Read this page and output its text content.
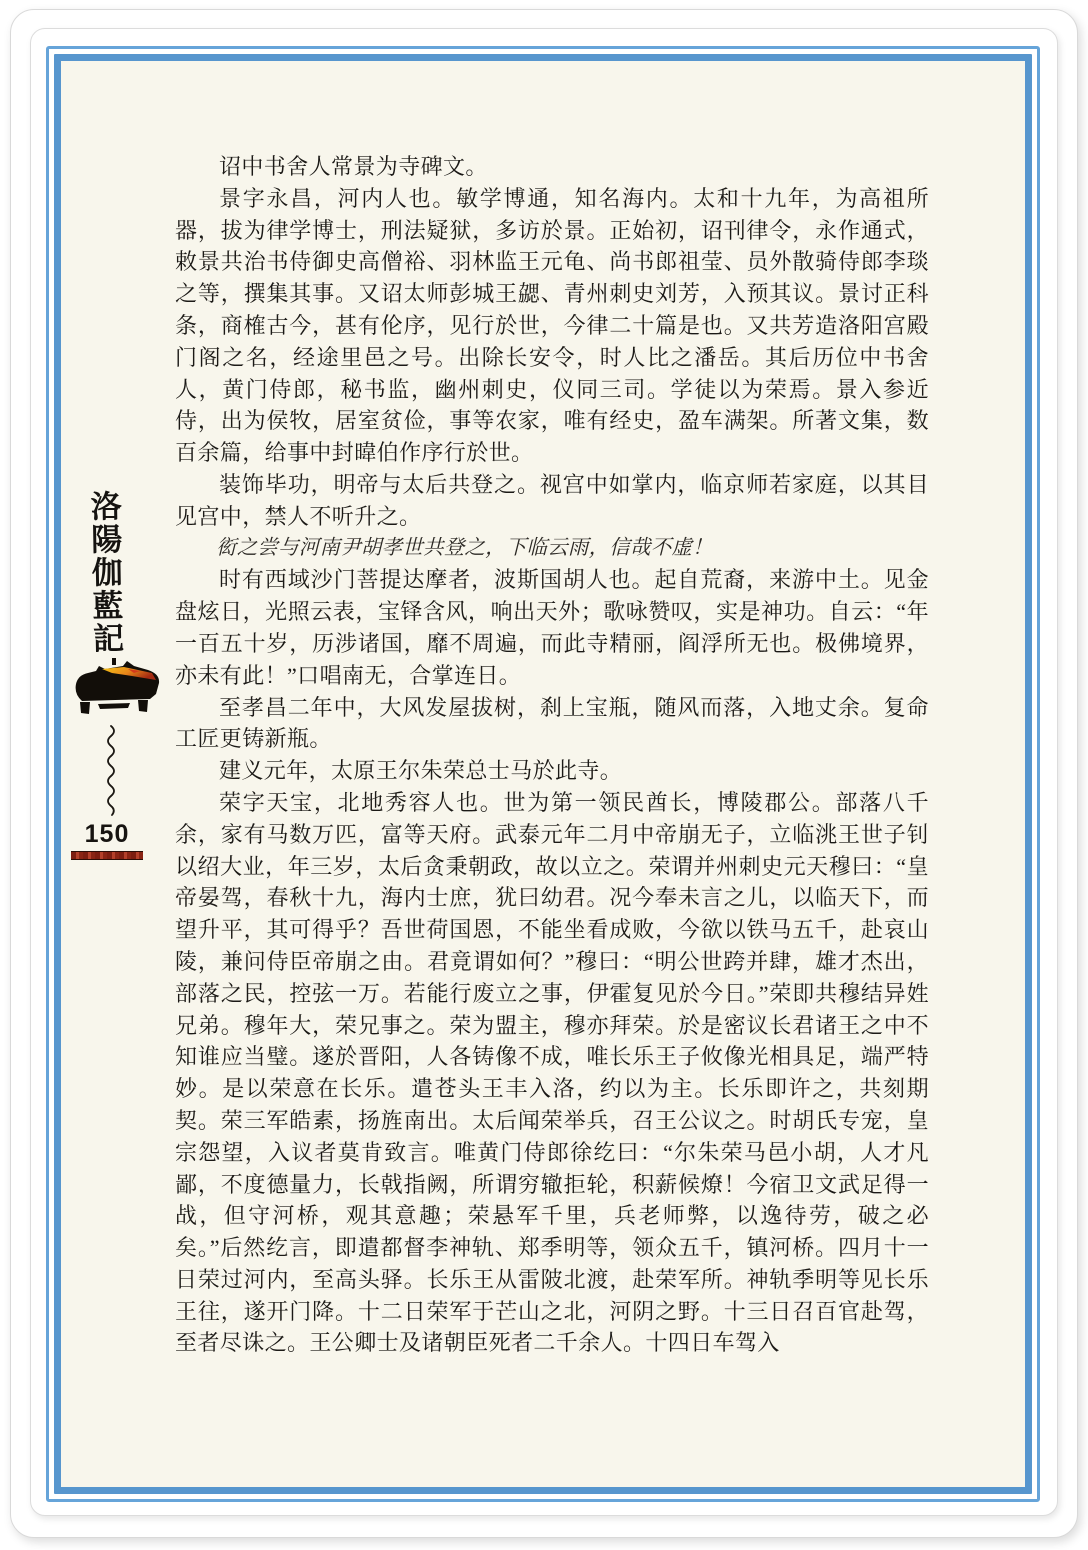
洛陽伽藍記
150

诏中书舍人常景为寺碑文。

景字永昌，河内人也。敏学博通，知名海内。太和十九年，为高祖所器，拔为律学博士，刑法疑狱，多访於景。正始初，诏刊律令，永作通式，敕景共治书侍御史高僧裕、羽林监王元龟、尚书郎祖莹、员外散骑侍郎李琰之等，撰集其事。又诏太师彭城王勰、青州刺史刘芳，入预其议。景讨正科条，商榷古今，甚有伦序，见行於世，今律二十篇是也。又共芳造洛阳宫殿门阁之名，经途里邑之号。出除长安令，时人比之潘岳。其后历位中书舍人，黄门侍郎，秘书监，幽州刺史，仪同三司。学徒以为荣焉。景入参近侍，出为侯牧，居室贫俭，事等农家，唯有经史，盈车满架。所著文集，数百余篇，给事中封暐伯作序行於世。

装饰毕功，明帝与太后共登之。视宫中如掌内，临京师若家庭，以其目见宫中，禁人不听升之。

衒之尝与河南尹胡孝世共登之，下临云雨，信哉不虚！

时有西域沙门菩提达摩者，波斯国胡人也。起自荒裔，来游中土。见金盘炫日，光照云表，宝铎含风，响出天外；歌咏赞叹，实是神功。自云：“年一百五十岁，历涉诸国，靡不周遍，而此寺精丽，阎浮所无也。极佛境界，亦未有此！”口唱南无，合掌连日。

至孝昌二年中，大风发屋拔树，刹上宝瓶，随风而落，入地丈余。复命工匠更铸新瓶。

建义元年，太原王尔朱荣总士马於此寺。

荣字天宝，北地秀容人也。世为第一领民酋长，博陵郡公。部落八千余，家有马数万匹，富等天府。武泰元年二月中帝崩无子，立临洮王世子钊以绍大业，年三岁，太后贪秉朝政，故以立之。荣谓并州刺史元天穆曰：“皇帝晏驾，春秋十九，海内士庶，犹曰幼君。况今奉未言之儿，以临天下，而望升平，其可得乎？吾世荷国恩，不能坐看成败，今欲以铁马五千，赴哀山陵，兼问侍臣帝崩之由。君竟谓如何？”穆曰：“明公世跨并肆，雄才杰出，部落之民，控弦一万。若能行废立之事，伊霍复见於今日。”荣即共穆结异姓兄弟。穆年大，荣兄事之。荣为盟主，穆亦拜荣。於是密议长君诸王之中不知谁应当璧。遂於晋阳，人各铸像不成，唯长乐王子攸像光相具足，端严特妙。是以荣意在长乐。遣苍头王丰入洛，约以为主。长乐即许之，共刻期契。荣三军皓素，扬旌南出。太后闻荣举兵，召王公议之。时胡氏专宠，皇宗怨望，入议者莫肯致言。唯黄门侍郎徐纥曰：“尔朱荣马邑小胡，人才凡鄙，不度德量力，长戟指阙，所谓穷辙拒轮，积薪候燎！今宿卫文武足得一战，但守河桥，观其意趣；荣悬军千里，兵老师弊，以逸待劳，破之必矣。”后然纥言，即遣都督李神轨、郑季明等，领众五千，镇河桥。四月十一日荣过河内，至高头驿。长乐王从雷陂北渡，赴荣军所。神轨季明等见长乐王往，遂开门降。十二日荣军于芒山之北，河阴之野。十三日召百官赴驾，至者尽诛之。王公卿士及诸朝臣死者二千余人。十四日车驾入
